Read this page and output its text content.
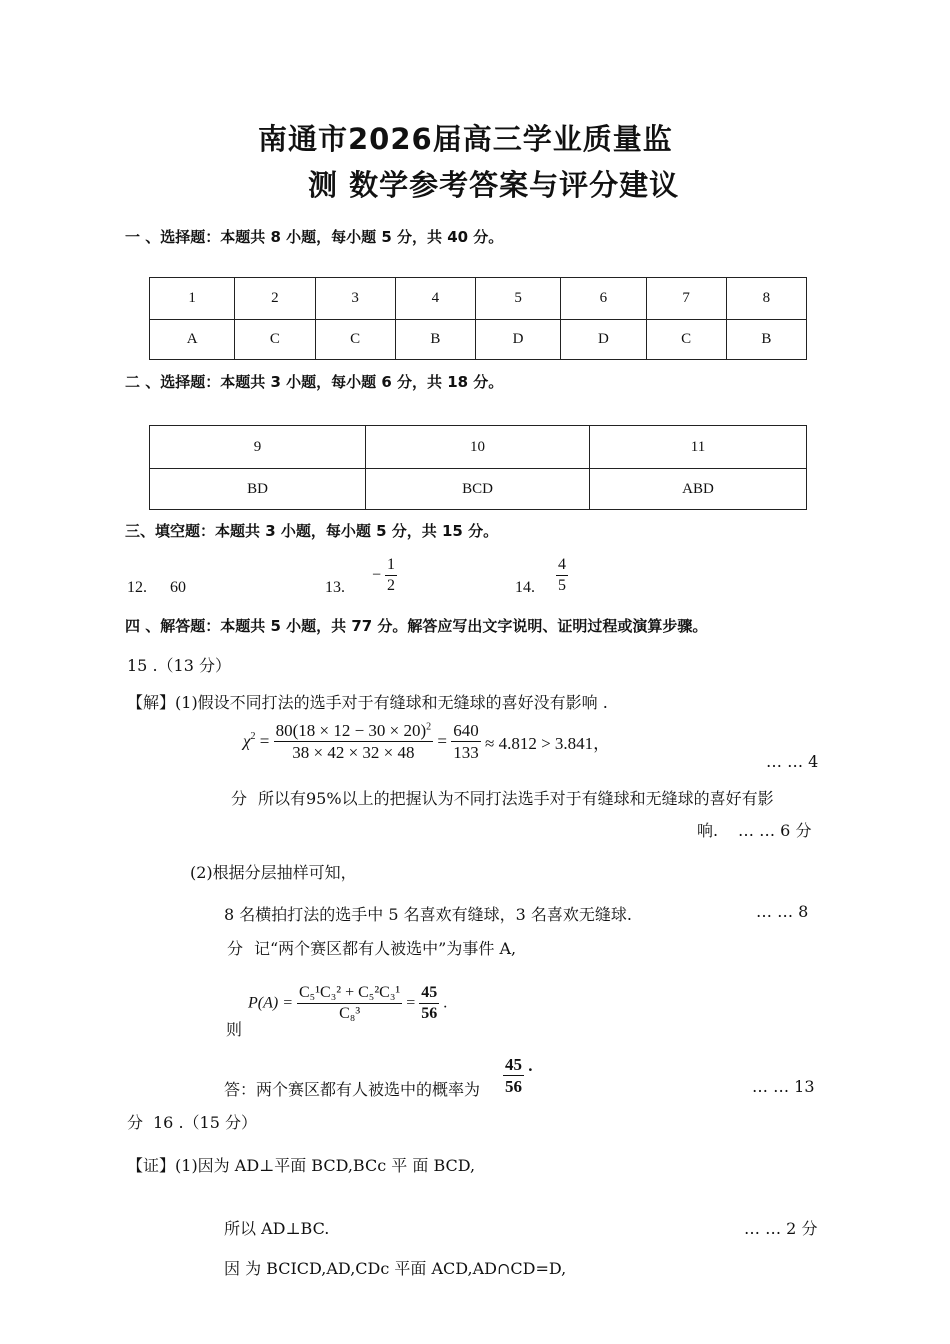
南通市2026届高三学业质量监
测 数学参考答案与评分建议
一 、选择题：本题共 8 小题，每小题 5 分，共 40 分。
1	2	3	4	5	6	7	8
A	C	C	B	D	D	C	B
二 、选择题：本题共 3 小题，每小题 6 分，共 18 分。
9	10	11
BD	BCD	ABD
三、填空题：本题共 3 小题，每小题 5 分，共 15 分。
12. 60	13.
− $\frac{1}{2}$	14. $\frac{4}{5}$
四 、解答题：本题共 5 小题，共 77 分。解答应写出文字说明、证明过程或演算步骤。
15 .（13 分）
【解】(1)假设不同打法的选手对于有缝球和无缝球的喜好没有影响 .
$\chi^2 = \frac{80(18 \times 12 - 30 \times 20)^2}{38 \times 42 \times 32 \times 48} = \frac{640}{133} \approx 4.812 > 3.841$，
… … 4
分 所以有95%以上的把握认为不同打法选手对于有缝球和无缝球的喜好有影
响. … … 6 分
(2)根据分层抽样可知，
8 名横拍打法的选手中 5 名喜欢有缝球，3 名喜欢无缝球.	… … 8
分 记“两个赛区都有人被选中”为事件 A,
$P(A) = \frac{\text{C₅¹C₃² + C₅²C₃¹}}{\text{C₈³}} = \frac{45}{56}$ .
则
答：两个赛区都有人被选中的概率为 $\frac{45}{56}$ .
… … 13
分 16 .（15 分）
【证】(1)因为 AD⊥平面 BCD,BCc 平 面 BCD,
所以 AD⊥BC.	… … 2 分
因 为 BCICD,AD,CDc 平面 ACD,AD∩CD=D,
